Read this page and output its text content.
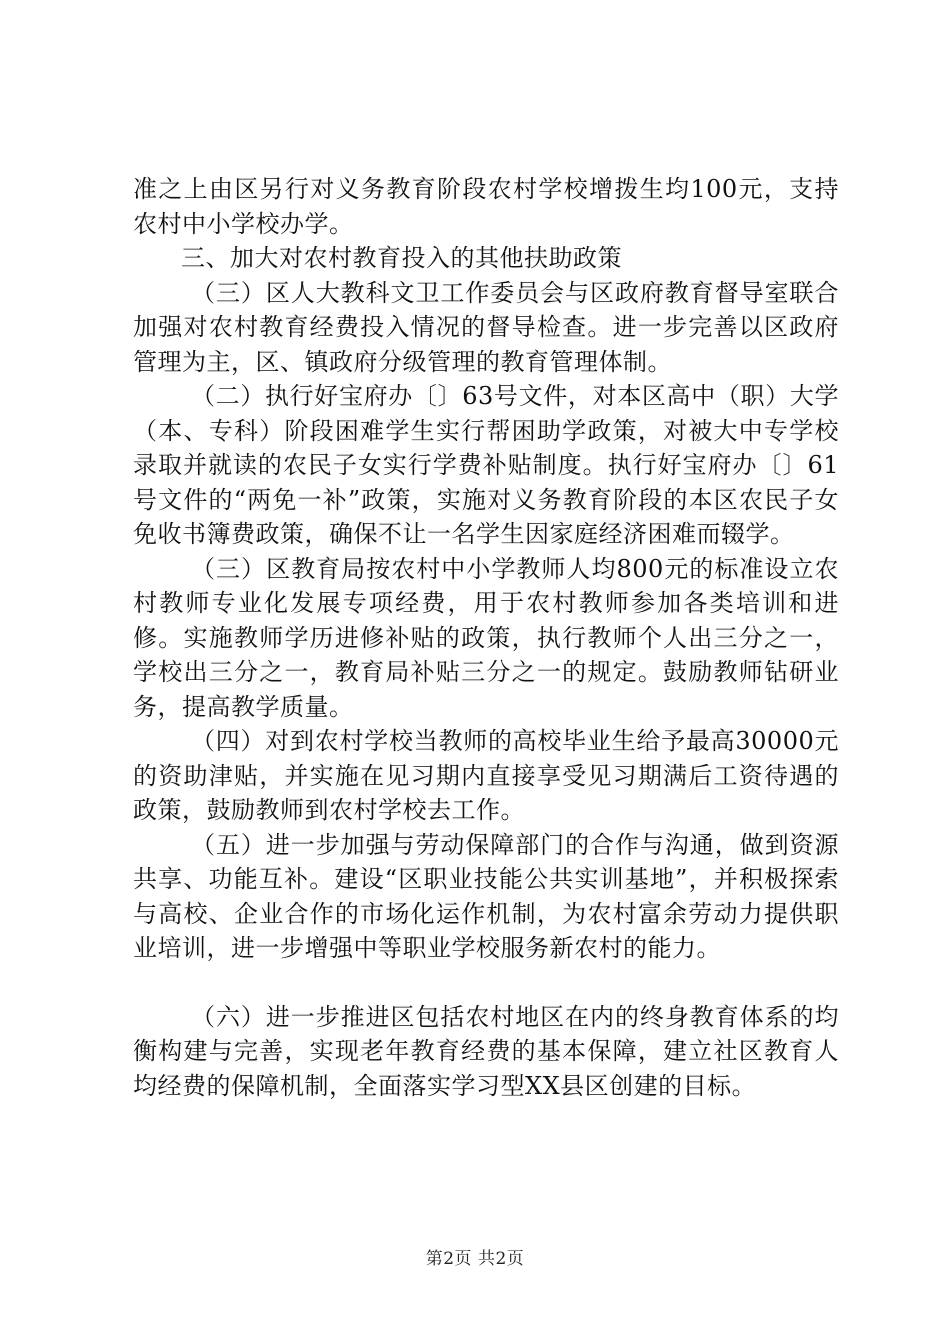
准之上由区另行对义务教育阶段农村学校增拨生均100元，支持农村中小学校办学。

三、加大对农村教育投入的其他扶助政策

（三）区人大教科文卫工作委员会与区政府教育督导室联合加强对农村教育经费投入情况的督导检查。进一步完善以区政府管理为主，区、镇政府分级管理的教育管理体制。

（二）执行好宝府办〔〕63号文件，对本区高中（职）大学（本、专科）阶段困难学生实行帮困助学政策，对被大中专学校录取并就读的农民子女实行学费补贴制度。执行好宝府办〔〕61号文件的“两免一补”政策，实施对义务教育阶段的本区农民子女免收书簿费政策，确保不让一名学生因家庭经济困难而辍学。

（三）区教育局按农村中小学教师人均800元的标准设立农村教师专业化发展专项经费，用于农村教师参加各类培训和进修。实施教师学历进修补贴的政策，执行教师个人出三分之一，学校出三分之一，教育局补贴三分之一的规定。鼓励教师钻研业务，提高教学质量。

（四）对到农村学校当教师的高校毕业生给予最高30000元的资助津贴，并实施在见习期内直接享受见习期满后工资待遇的政策，鼓励教师到农村学校去工作。

（五）进一步加强与劳动保障部门的合作与沟通，做到资源共享、功能互补。建设“区职业技能公共实训基地”，并积极探索与高校、企业合作的市场化运作机制，为农村富余劳动力提供职业培训，进一步增强中等职业学校服务新农村的能力。

（六）进一步推进区包括农村地区在内的终身教育体系的均衡构建与完善，实现老年教育经费的基本保障，建立社区教育人均经费的保障机制，全面落实学习型XX县区创建的目标。

第2页 共2页
